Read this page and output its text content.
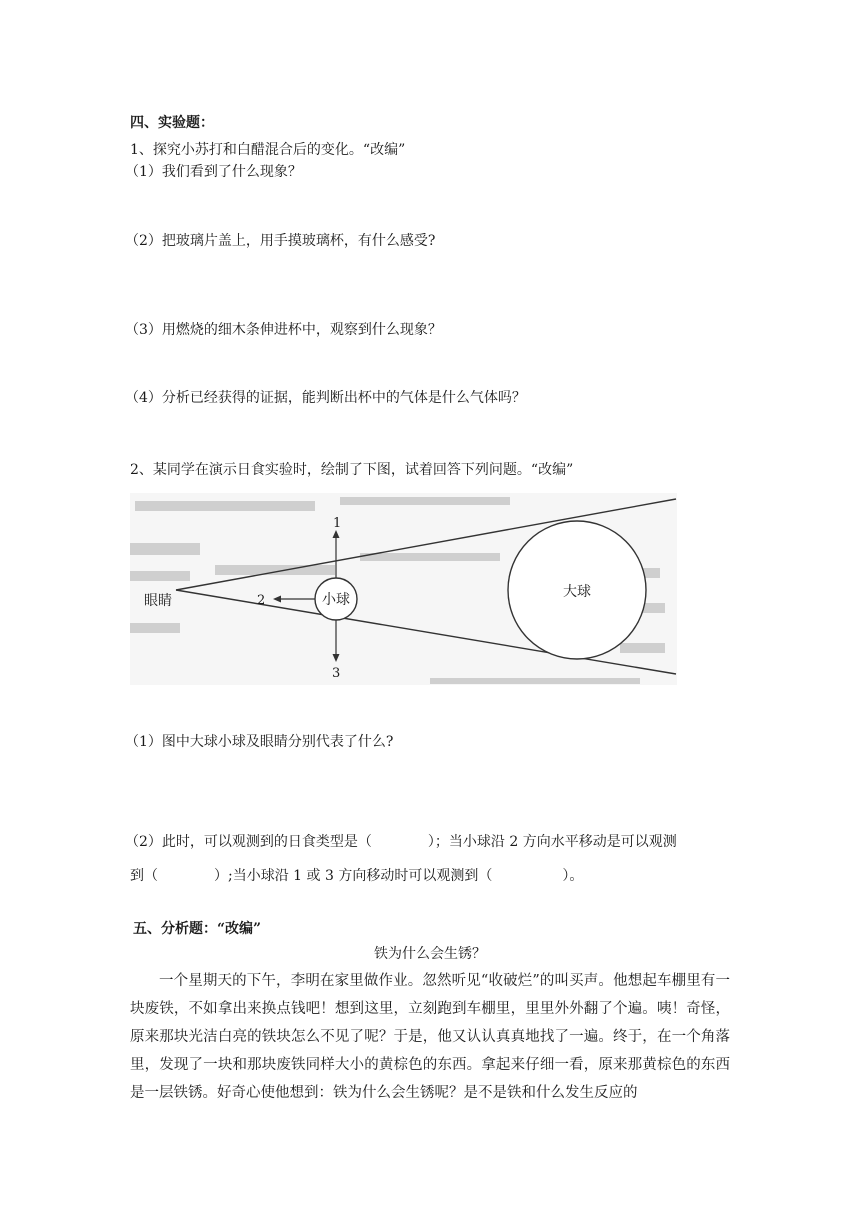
四、实验题：
1、探究小苏打和白醋混合后的变化。“改编”
（1）我们看到了什么现象？
（2）把玻璃片盖上，用手摸玻璃杯，有什么感受?
（3）用燃烧的细木条伸进杯中，观察到什么现象？
（4）分析已经获得的证据，能判断出杯中的气体是什么气体吗？
2、某同学在演示日食实验时，绘制了下图，试着回答下列问题。“改编”
大球
小球
眼睛
1
2
3
（1）图中大球小球及眼睛分别代表了什么?
（2）此时，可以观测到的日食类型是（　　　　）；当小球沿 2 方向水平移动是可以观测
到（　　　　）;当小球沿 1 或 3 方向移动时可以观测到（　　　　　）。
五、分析题：“改编”
铁为什么会生锈？
一个星期天的下午，李明在家里做作业。忽然听见“收破烂”的叫买声。他想起车棚里有一块废铁，不如拿出来换点钱吧！想到这里，立刻跑到车棚里，里里外外翻了个遍。咦！奇怪，原来那块光洁白亮的铁块怎么不见了呢？于是，他又认认真真地找了一遍。终于，在一个角落里，发现了一块和那块废铁同样大小的黄棕色的东西。拿起来仔细一看，原来那黄棕色的东西是一层铁锈。好奇心使他想到：铁为什么会生锈呢？是不是铁和什么发生反应的
